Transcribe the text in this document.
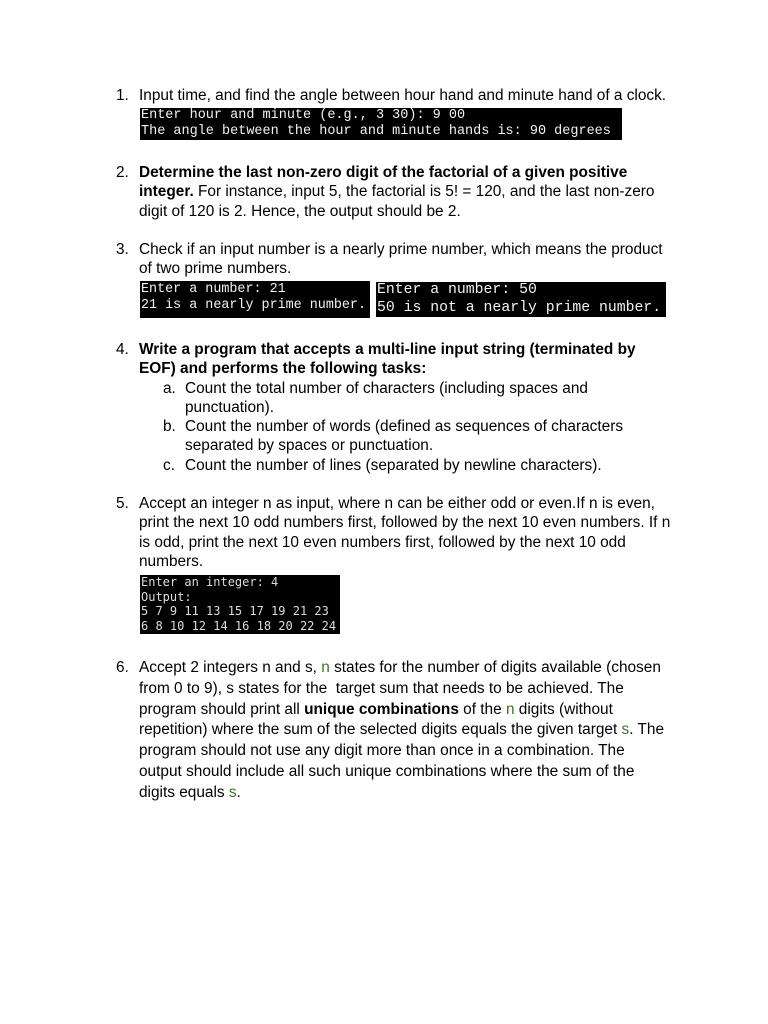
1. Input time, and find the angle between hour hand and minute hand of a clock.
Enter hour and minute (e.g., 3 30): 9 00
The angle between the hour and minute hands is: 90 degrees
2. Determine the last non-zero digit of the factorial of a given positive
integer. For instance, input 5, the factorial is 5! = 120, and the last non-zero
digit of 120 is 2. Hence, the output should be 2.
3. Check if an input number is a nearly prime number, which means the product
of two prime numbers.
Enter a number: 21
21 is a nearly prime number.
Enter a number: 50
50 is not a nearly prime number.
4. Write a program that accepts a multi-line input string (terminated by
EOF) and performs the following tasks:
a. Count the total number of characters (including spaces and
punctuation).
b. Count the number of words (defined as sequences of characters
separated by spaces or punctuation.
c. Count the number of lines (separated by newline characters).
5. Accept an integer n as input, where n can be either odd or even.If n is even,
print the next 10 odd numbers first, followed by the next 10 even numbers. If n
is odd, print the next 10 even numbers first, followed by the next 10 odd
numbers.
Enter an integer: 4
Output:
5 7 9 11 13 15 17 19 21 23
6 8 10 12 14 16 18 20 22 24
6. Accept 2 integers n and s, n states for the number of digits available (chosen
from 0 to 9), s states for the  target sum that needs to be achieved. The
program should print all unique combinations of the n digits (without
repetition) where the sum of the selected digits equals the given target s. The
program should not use any digit more than once in a combination. The
output should include all such unique combinations where the sum of the
digits equals s.
